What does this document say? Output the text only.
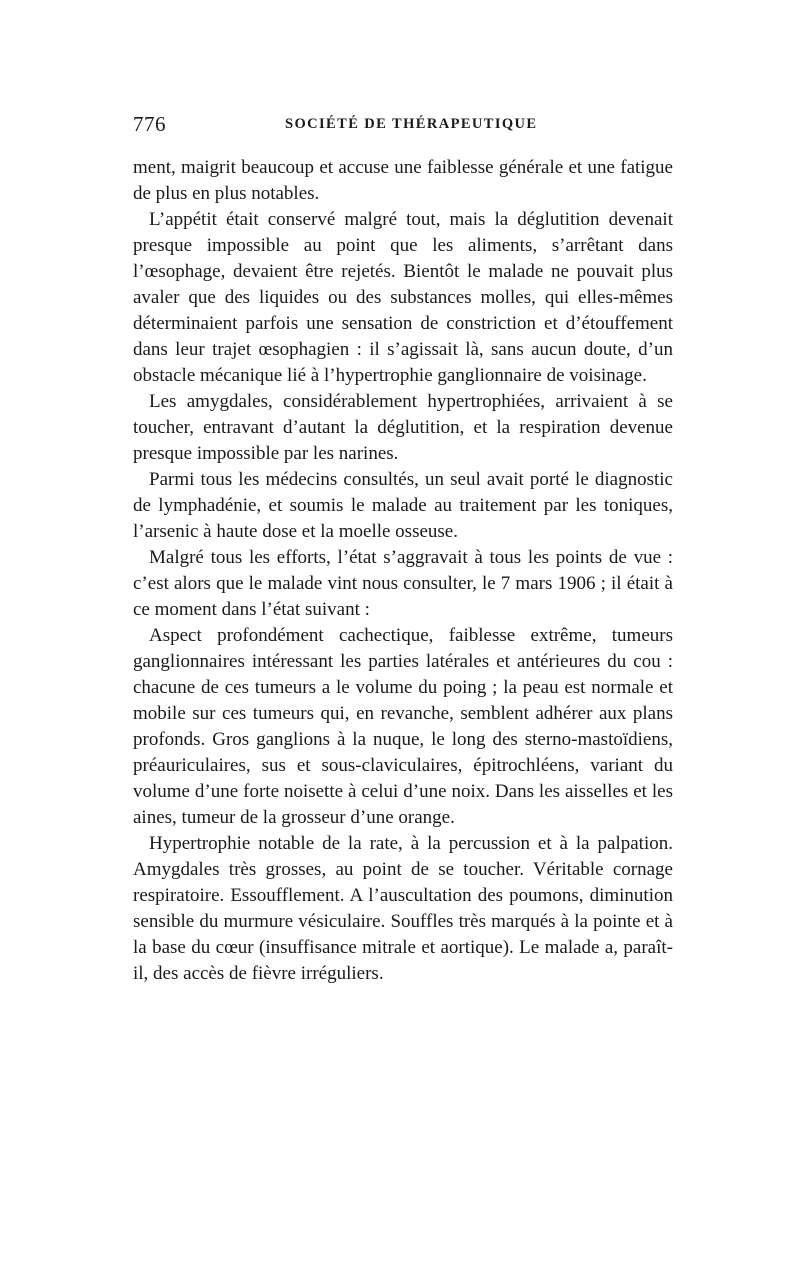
776	SOCIÉTÉ DE THÉRAPEUTIQUE

ment, maigrit beaucoup et accuse une faiblesse générale et une fatigue de plus en plus notables.

L’appétit était conservé malgré tout, mais la déglutition devenait presque impossible au point que les aliments, s’arrêtant dans l’œsophage, devaient être rejetés. Bientôt le malade ne pouvait plus avaler que des liquides ou des substances molles, qui elles-mêmes déterminaient parfois une sensation de constriction et d’étouffement dans leur trajet œsophagien : il s’agissait là, sans aucun doute, d’un obstacle mécanique lié à l’hypertrophie ganglionnaire de voisinage.

Les amygdales, considérablement hypertrophiées, arrivaient à se toucher, entravant d’autant la déglutition, et la respiration devenue presque impossible par les narines.

Parmi tous les médecins consultés, un seul avait porté le diagnostic de lymphadénie, et soumis le malade au traitement par les toniques, l’arsenic à haute dose et la moelle osseuse.

Malgré tous les efforts, l’état s’aggravait à tous les points de vue : c’est alors que le malade vint nous consulter, le 7 mars 1906 ; il était à ce moment dans l’état suivant :

Aspect profondément cachectique, faiblesse extrême, tumeurs ganglionnaires intéressant les parties latérales et antérieures du cou : chacune de ces tumeurs a le volume du poing ; la peau est normale et mobile sur ces tumeurs qui, en revanche, semblent adhérer aux plans profonds. Gros ganglions à la nuque, le long des sterno-mastoïdiens, préauriculaires, sus et sous-claviculaires, épitrochléens, variant du volume d’une forte noisette à celui d’une noix. Dans les aisselles et les aines, tumeur de la grosseur d’une orange.

Hypertrophie notable de la rate, à la percussion et à la palpation. Amygdales très grosses, au point de se toucher. Véritable cornage respiratoire. Essoufflement. A l’auscultation des poumons, diminution sensible du murmure vésiculaire. Souffles très marqués à la pointe et à la base du cœur (insuffisance mitrale et aortique). Le malade a, paraît-il, des accès de fièvre irréguliers.
